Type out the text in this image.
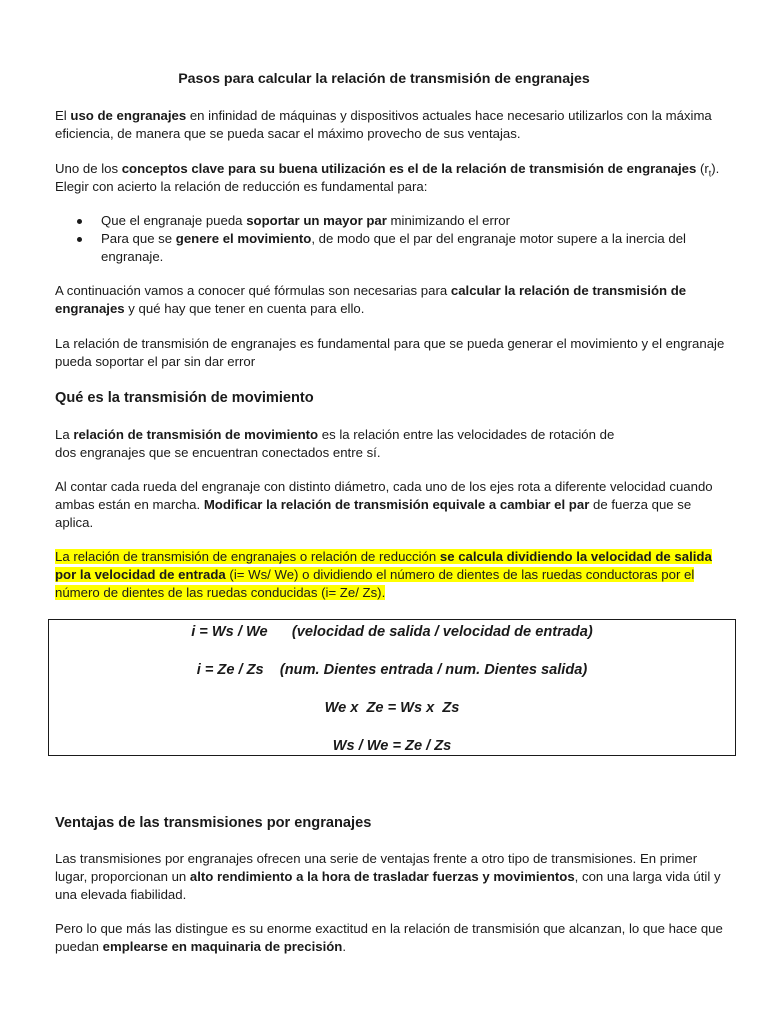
Pasos para calcular la relación de transmisión de engranajes

El uso de engranajes en infinidad de máquinas y dispositivos actuales hace necesario utilizarlos con la máxima eficiencia, de manera que se pueda sacar el máximo provecho de sus ventajas.

Uno de los conceptos clave para su buena utilización es el de la relación de transmisión de engranajes $(r_t)$. Elegir con acierto la relación de reducción es fundamental para:

Que el engranaje pueda soportar un mayor par minimizando el error
Para que se genere el movimiento, de modo que el par del engranaje motor supere a la inercia del engranaje.

A continuación vamos a conocer qué fórmulas son necesarias para calcular la relación de transmisión de engranajes y qué hay que tener en cuenta para ello.

La relación de transmisión de engranajes es fundamental para que se pueda generar el movimiento y el engranaje pueda soportar el par sin dar error

Qué es la transmisión de movimiento

La relación de transmisión de movimiento es la relación entre las velocidades de rotación de
dos engranajes que se encuentran conectados entre sí.

Al contar cada rueda del engranaje con distinto diámetro, cada uno de los ejes rota a diferente velocidad cuando ambas están en marcha. Modificar la relación de transmisión equivale a cambiar el par de fuerza que se aplica.

La relación de transmisión de engranajes o relación de reducción se calcula dividiendo la velocidad de salida por la velocidad de entrada (i= Ws/ We) o dividiendo el número de dientes de las ruedas conductoras por el número de dientes de las ruedas conducidas (i= Ze/ Zs).

i = Ws / We      (velocidad de salida / velocidad de entrada)
i = Ze / Zs    (num. Dientes entrada / num. Dientes salida)
We x  Ze = Ws x  Zs
Ws / We = Ze / Zs
Ventajas de las transmisiones por engranajes

Las transmisiones por engranajes ofrecen una serie de ventajas frente a otro tipo de transmisiones. En primer lugar, proporcionan un alto rendimiento a la hora de trasladar fuerzas y movimientos, con una larga vida útil y una elevada fiabilidad.

Pero lo que más las distingue es su enorme exactitud en la relación de transmisión que alcanzan, lo que hace que puedan emplearse en maquinaria de precisión.
